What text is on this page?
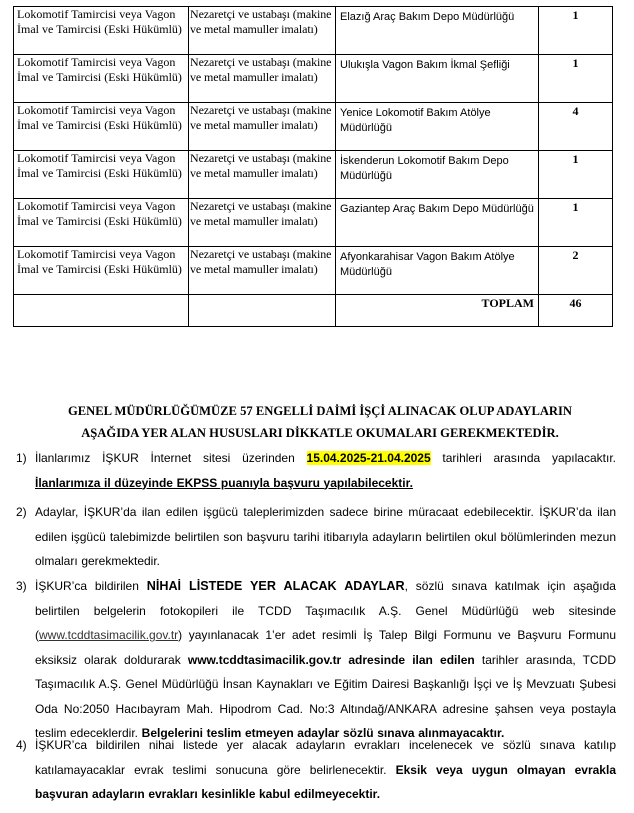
Lokomotif Tamircisi veya Vagon İmal ve Tamircisi (Eski Hükümlü)	Nezaretçi ve ustabaşı (makine ve metal mamuller imalatı)	Elazığ Araç Bakım Depo Müdürlüğü	1
Lokomotif Tamircisi veya Vagon İmal ve Tamircisi (Eski Hükümlü)	Nezaretçi ve ustabaşı (makine ve metal mamuller imalatı)	Ulukışla Vagon Bakım İkmal Şefliği	1
Lokomotif Tamircisi veya Vagon İmal ve Tamircisi (Eski Hükümlü)	Nezaretçi ve ustabaşı (makine ve metal mamuller imalatı)	Yenice Lokomotif Bakım Atölye Müdürlüğü	4
Lokomotif Tamircisi veya Vagon İmal ve Tamircisi (Eski Hükümlü)	Nezaretçi ve ustabaşı (makine ve metal mamuller imalatı)	İskenderun Lokomotif Bakım Depo Müdürlüğü	1
Lokomotif Tamircisi veya Vagon İmal ve Tamircisi (Eski Hükümlü)	Nezaretçi ve ustabaşı (makine ve metal mamuller imalatı)	Gaziantep Araç Bakım Depo Müdürlüğü	1
Lokomotif Tamircisi veya Vagon İmal ve Tamircisi (Eski Hükümlü)	Nezaretçi ve ustabaşı (makine ve metal mamuller imalatı)	Afyonkarahisar Vagon Bakım Atölye Müdürlüğü	2
		TOPLAM	46
GENEL MÜDÜRLÜĞÜMÜZE 57 ENGELLİ DAİMİ İŞÇİ ALINACAK OLUP ADAYLARIN
AŞAĞIDA YER ALAN HUSUSLARI DİKKATLE OKUMALARI GEREKMEKTEDİR.
1) İlanlarımız İŞKUR İnternet sitesi üzerinden 15.04.2025-21.04.2025 tarihleri arasında yapılacaktır.
İlanlarımıza il düzeyinde EKPSS puanıyla başvuru yapılabilecektir.
2) Adaylar, İŞKUR’da ilan edilen işgücü taleplerimizden sadece birine müracaat edebilecektir. İŞKUR’da ilan edilen işgücü talebimizde belirtilen son başvuru tarihi itibarıyla adayların belirtilen okul bölümlerinden mezun olmaları gerekmektedir.
3) İŞKUR’ca bildirilen NİHAİ LİSTEDE YER ALACAK ADAYLAR, sözlü sınava katılmak için aşağıda belirtilen belgelerin fotokopileri ile TCDD Taşımacılık A.Ş. Genel Müdürlüğü web sitesinde (www.tcddtasimacilik.gov.tr) yayınlanacak 1’er adet resimli İş Talep Bilgi Formunu ve Başvuru Formunu eksiksiz olarak doldurarak www.tcddtasimacilik.gov.tr adresinde ilan edilen tarihler arasında, TCDD Taşımacılık A.Ş. Genel Müdürlüğü İnsan Kaynakları ve Eğitim Dairesi Başkanlığı İşçi ve İş Mevzuatı Şubesi Oda No:2050 Hacıbayram Mah. Hipodrom Cad. No:3 Altındağ/ANKARA adresine şahsen veya postayla teslim edeceklerdir. Belgelerini teslim etmeyen adaylar sözlü sınava alınmayacaktır.
4) İŞKUR’ca bildirilen nihai listede yer alacak adayların evrakları incelenecek ve sözlü sınava katılıp katılamayacaklar evrak teslimi sonucuna göre belirlenecektir. Eksik veya uygun olmayan evrakla başvuran adayların evrakları kesinlikle kabul edilmeyecektir.
